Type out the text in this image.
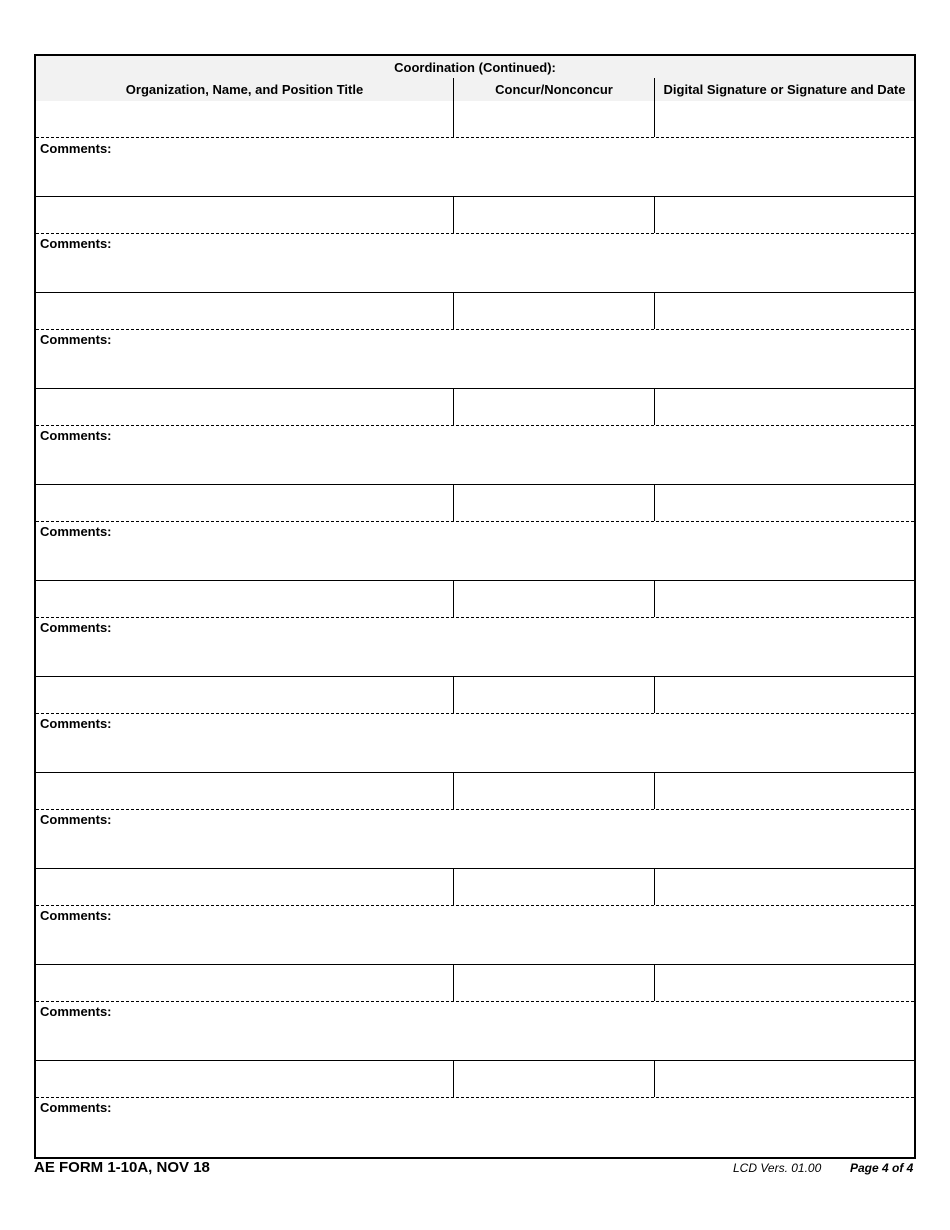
Coordination (Continued):
Organization, Name, and Position Title	Concur/Nonconcur	Digital Signature or Signature and Date
Comments:
Comments:
Comments:
Comments:
Comments:
Comments:
Comments:
Comments:
Comments:
Comments:
Comments:
AE FORM 1-10A, NOV 18	LCD Vers. 01.00 Page 4 of 4
